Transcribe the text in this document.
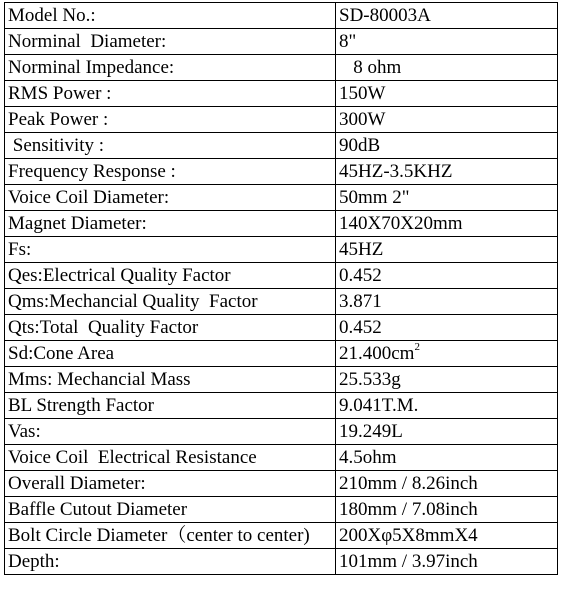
Model No.:	SD-80003A
Norminal  Diameter:	8"
Norminal Impedance:	8 ohm
RMS Power :	150W
Peak Power :	300W
Sensitivity :	90dB
Frequency Response :	45HZ-3.5KHZ
Voice Coil Diameter:	50mm 2"
Magnet Diameter:	140X70X20mm
Fs:	45HZ
Qes:Electrical Quality Factor	0.452
Qms:Mechancial Quality  Factor	3.871
Qts:Total  Quality Factor	0.452
Sd:Cone Area	$21.400cm^2$
Mms: Mechancial Mass	25.533g
BL Strength Factor	9.041T.M.
Vas:	19.249L
Voice Coil  Electrical Resistance	4.5ohm
Overall Diameter:	210mm / 8.26inch
Baffle Cutout Diameter	180mm / 7.08inch
Bolt Circle Diameter（center to center)	200Xφ5X8mmX4
Depth:	101mm / 3.97inch
